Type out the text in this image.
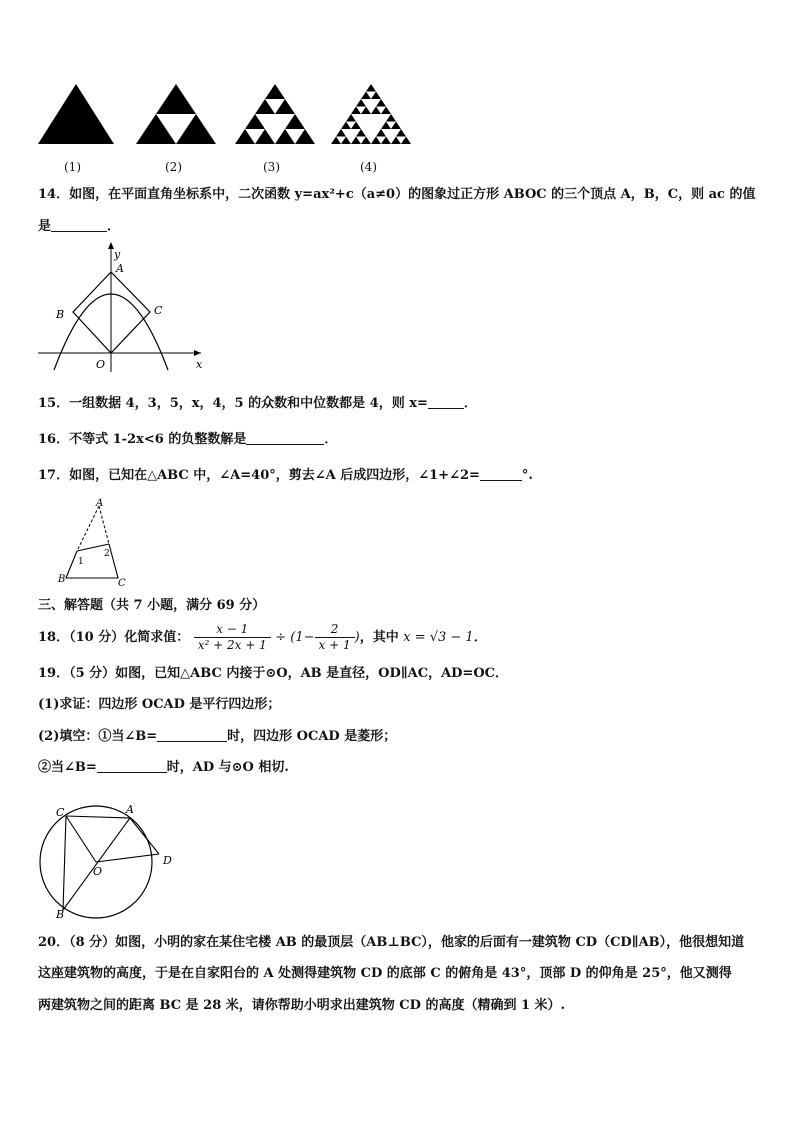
(1)	(2)	(3)	(4)
14．如图，在平面直角坐标系中，二次函数 y=ax²+c（a≠0）的图象过正方形 ABOC 的三个顶点 A，B，C，则 ac 的值
是	．
y
x
A
B	C
O
15．一组数据 4，3，5，x，4，5 的众数和中位数都是 4，则 x=	．
16．不等式 1-2x<6 的负整数解是	．
17．如图，已知在△ABC 中，∠A=40°，剪去∠A 后成四边形，∠1+∠2=	°.
A
B	C
1
2
三、解答题（共 7 小题，满分 69 分）
18．（10 分）化简求值： $\frac{x - 1}{\text{x² + 2x + 1}} \div (1- \frac{2}{x + 1}$ )，其中 x = √3 − 1．
19．（5 分）如图，已知△ABC 内接于⊙O，AB 是直径，OD∥AC，AD=OC．
(1)求证：四边形 OCAD 是平行四边形；
(2)填空：①当∠B=	时，四边形 OCAD 是菱形；
②当∠B=	时，AD 与⊙O 相切.
C	A
B
D
O
20．（8 分）如图，小明的家在某住宅楼 AB 的最顶层（AB⊥BC），他家的后面有一建筑物 CD（CD∥AB），他很想知道
这座建筑物的高度，于是在自家阳台的 A 处测得建筑物 CD 的底部 C 的俯角是 43°，顶部 D 的仰角是 25°，他又测得
两建筑物之间的距离 BC 是 28 米，请你帮助小明求出建筑物 CD 的高度（精确到 1 米）.
